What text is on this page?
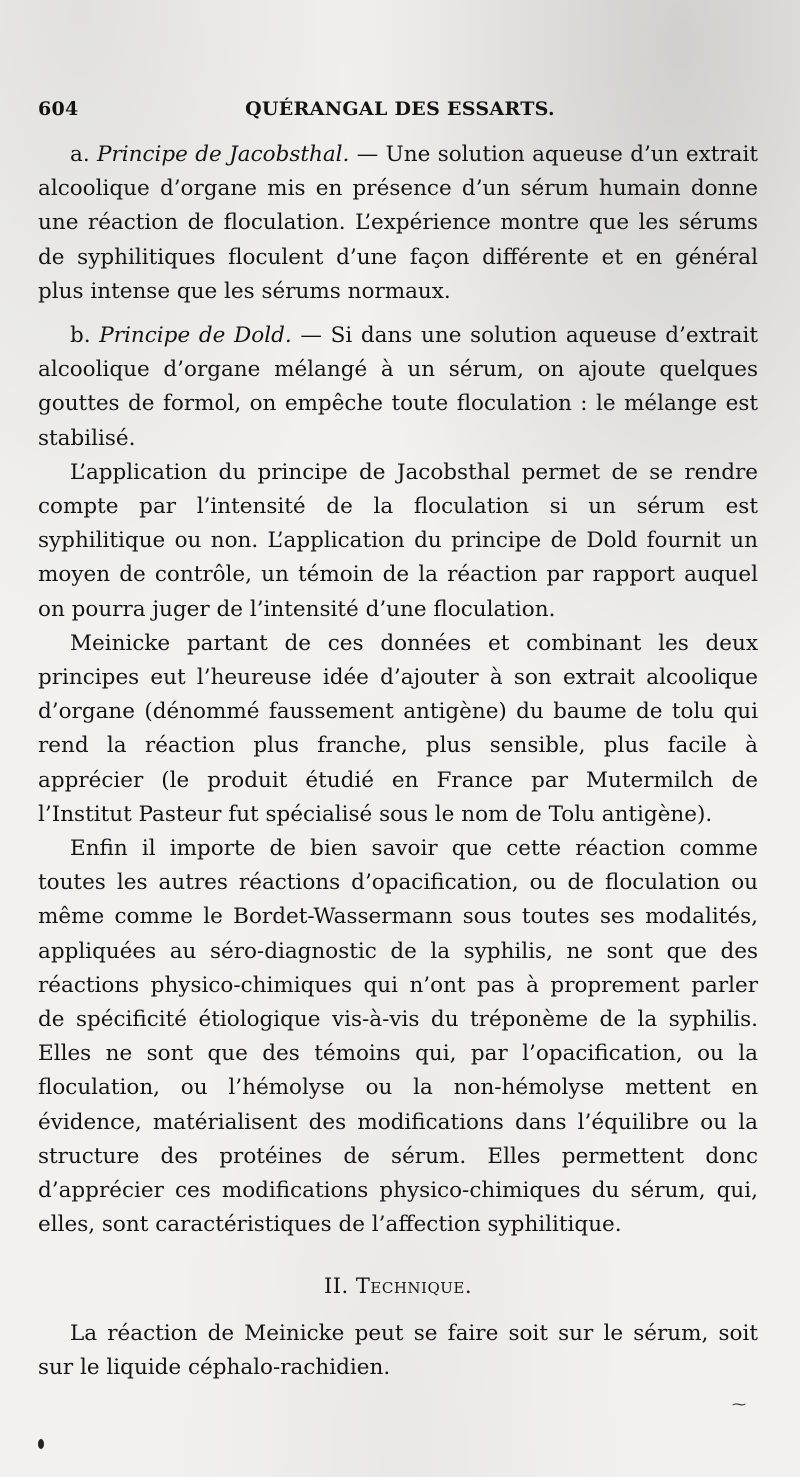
604	QUÉRANGAL DES ESSARTS.

a. Principe de Jacobsthal. — Une solution aqueuse d’un extrait alcoolique d’organe mis en présence d’un sérum humain donne une réaction de floculation. L’expérience montre que les sérums de syphilitiques floculent d’une façon différente et en général plus intense que les sérums normaux.

b. Principe de Dold. — Si dans une solution aqueuse d’extrait alcoolique d’organe mélangé à un sérum, on ajoute quelques gouttes de formol, on empêche toute floculation : le mélange est stabilisé.

L’application du principe de Jacobsthal permet de se rendre compte par l’intensité de la floculation si un sérum est syphilitique ou non. L’application du principe de Dold fournit un moyen de contrôle, un témoin de la réaction par rapport auquel on pourra juger de l’intensité d’une floculation.

Meinicke partant de ces données et combinant les deux principes eut l’heureuse idée d’ajouter à son extrait alcoolique d’organe (dénommé faussement antigène) du baume de tolu qui rend la réaction plus franche, plus sensible, plus facile à apprécier (le produit étudié en France par Mutermilch de l’Institut Pasteur fut spécialisé sous le nom de Tolu antigène).

Enfin il importe de bien savoir que cette réaction comme toutes les autres réactions d’opacification, ou de floculation ou même comme le Bordet-Wassermann sous toutes ses modalités, appliquées au séro-diagnostic de la syphilis, ne sont que des réactions physico-chimiques qui n’ont pas à proprement parler de spécificité étiologique vis-à-vis du tréponème de la syphilis. Elles ne sont que des témoins qui, par l’opacification, ou la floculation, ou l’hémolyse ou la non-hémolyse mettent en évidence, matérialisent des modifications dans l’équilibre ou la structure des protéines de sérum. Elles permettent donc d’apprécier ces modifications physico-chimiques du sérum, qui, elles, sont caractéristiques de l’affection syphilitique.

II. Technique.

La réaction de Meinicke peut se faire soit sur le sérum, soit sur le liquide céphalo-rachidien.

⁓
